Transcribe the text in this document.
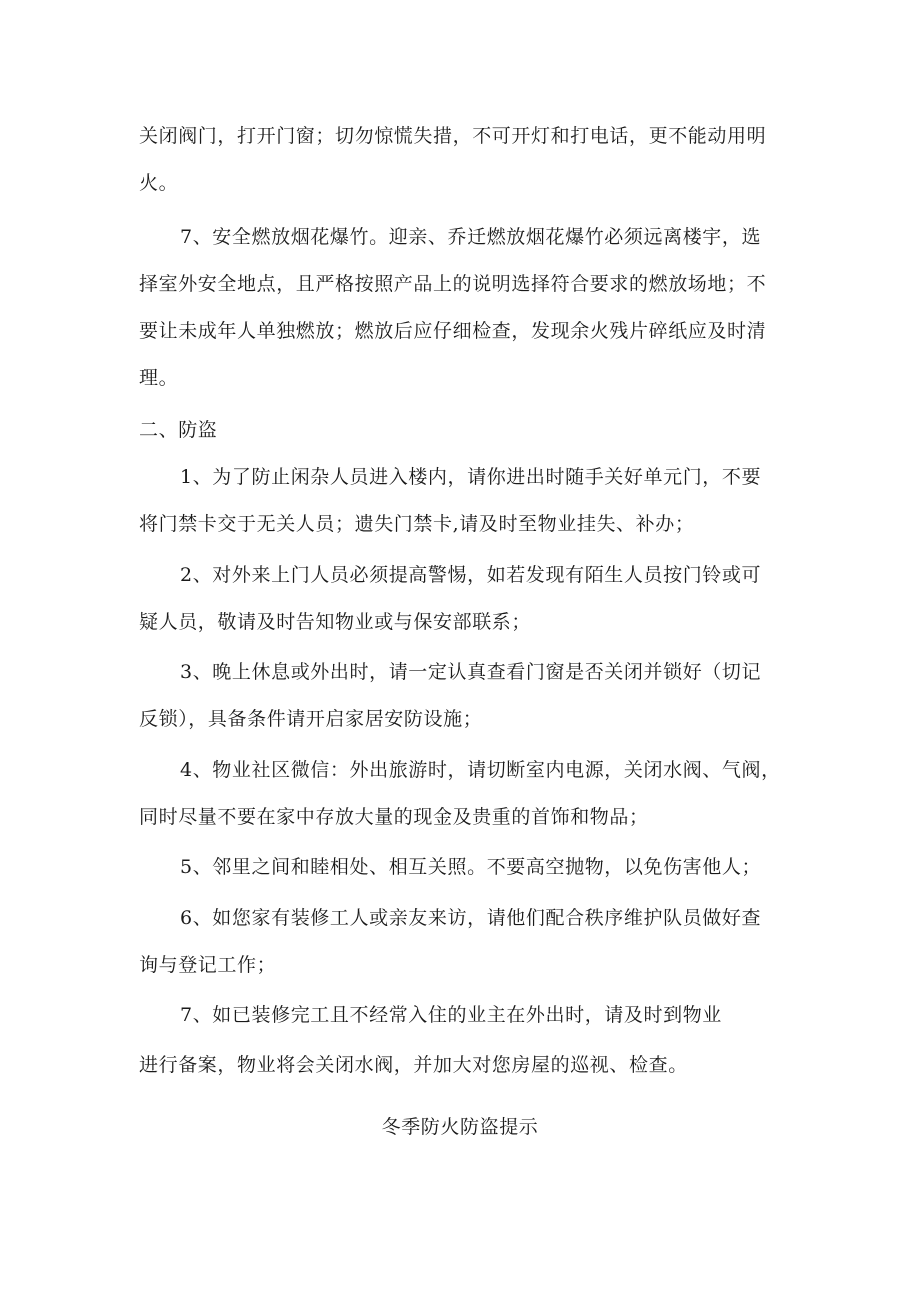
关闭阀门，打开门窗；切勿惊慌失措，不可开灯和打电话，更不能动用明
火。
7、安全燃放烟花爆竹。迎亲、乔迁燃放烟花爆竹必须远离楼宇，选
择室外安全地点，且严格按照产品上的说明选择符合要求的燃放场地；不
要让未成年人单独燃放；燃放后应仔细检查，发现余火残片碎纸应及时清
理。
二、防盗
1、为了防止闲杂人员进入楼内，请你进出时随手关好单元门，不要
将门禁卡交于无关人员；遗失门禁卡,请及时至物业挂失、补办；
2、对外来上门人员必须提高警惕，如若发现有陌生人员按门铃或可
疑人员，敬请及时告知物业或与保安部联系；
3、晚上休息或外出时，请一定认真查看门窗是否关闭并锁好（切记
反锁），具备条件请开启家居安防设施；
4、物业社区微信：外出旅游时，请切断室内电源，关闭水阀、气阀，
同时尽量不要在家中存放大量的现金及贵重的首饰和物品；
5、邻里之间和睦相处、相互关照。不要高空抛物，以免伤害他人；
6、如您家有装修工人或亲友来访，请他们配合秩序维护队员做好查
询与登记工作；
7、如已装修完工且不经常入住的业主在外出时，请及时到物业
进行备案，物业将会关闭水阀，并加大对您房屋的巡视、检查。
冬季防火防盗提示
